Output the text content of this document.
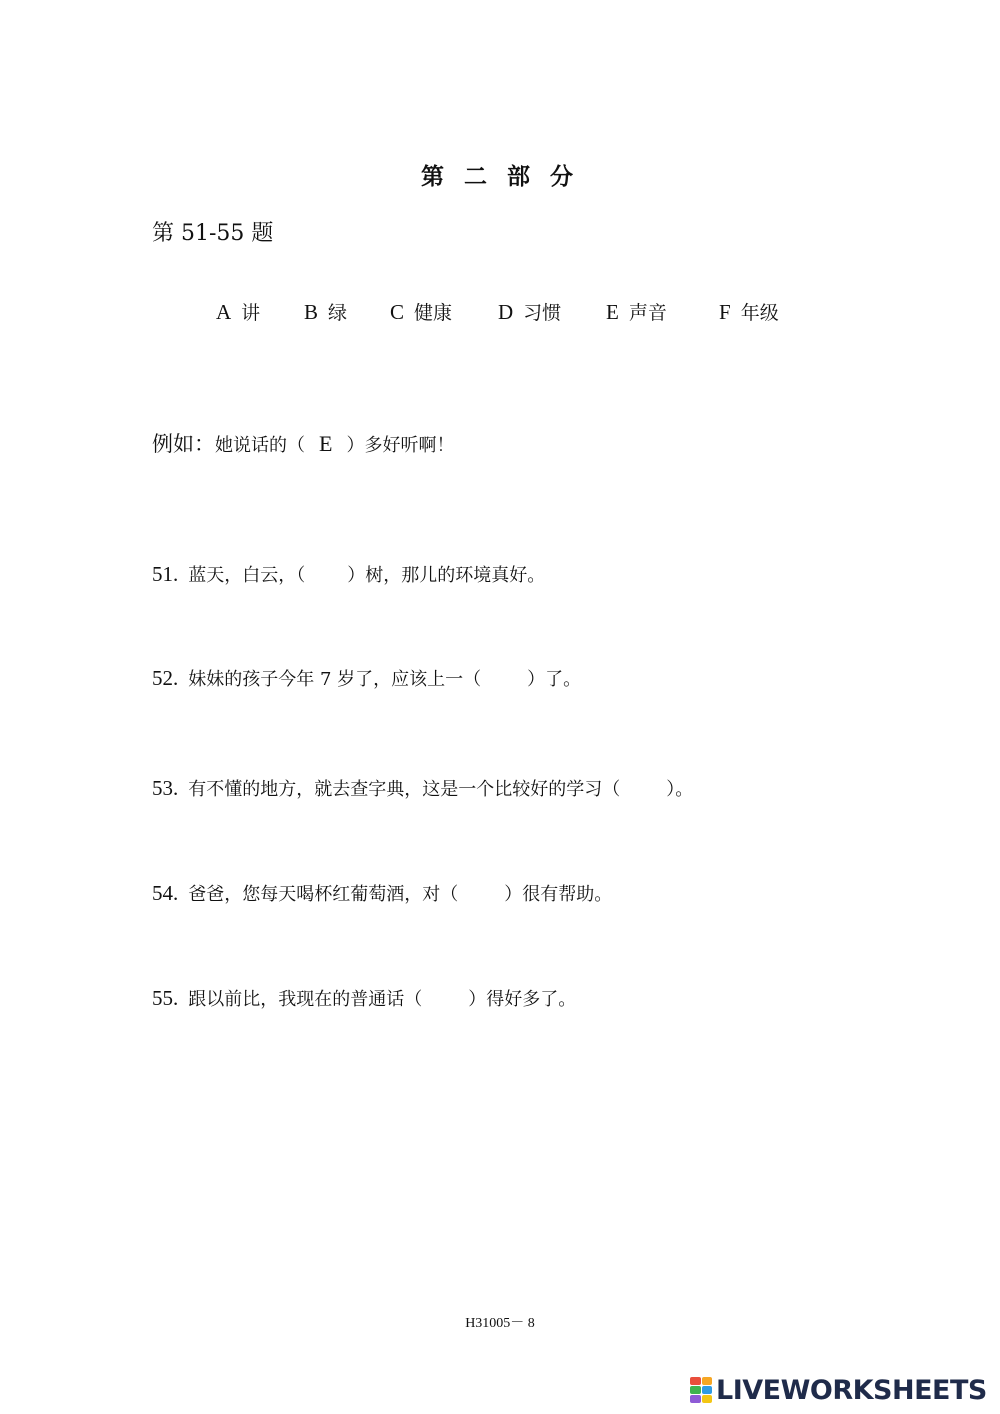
第 二 部 分
第 51-55 题
A 讲 B 绿 C 健康 D 习惯 E 声音 F 年级
例如：她说话的（ E ）多好听啊！
51. 蓝天，白云，（ ）树，那儿的环境真好。
52. 妹妹的孩子今年 7 岁了，应该上一（	）了。
53. 有不懂的地方，就去查字典，这是一个比较好的学习（	）。
54. 爸爸，您每天喝杯红葡萄酒，对（	）很有帮助。
55. 跟以前比，我现在的普通话（	）得好多了。
H31005－ 8
LIVEWORKSHEETS
